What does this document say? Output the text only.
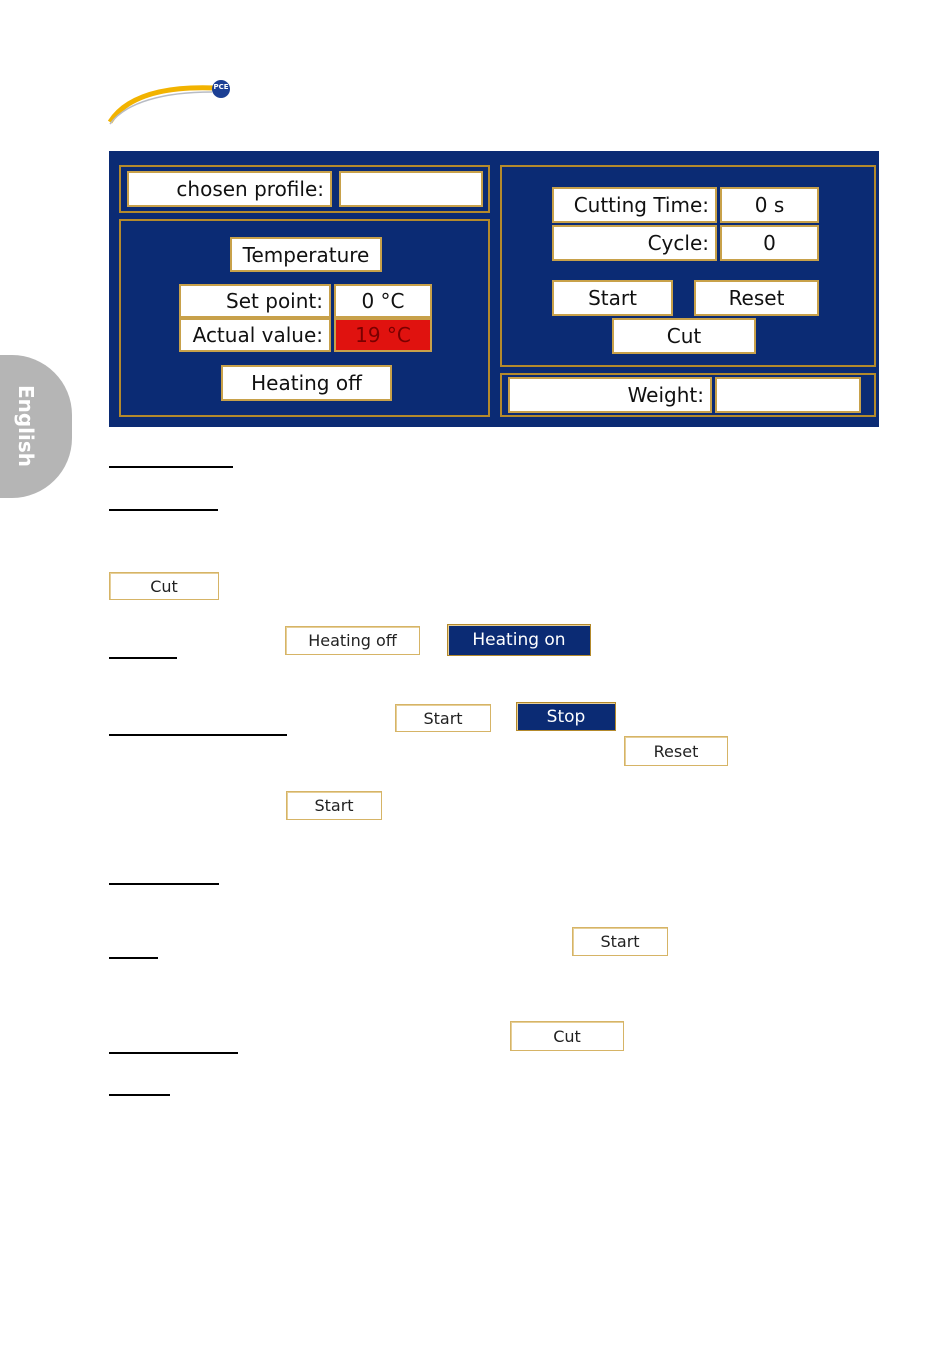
PCE
English
chosen profile:
Temperature
Set point:	0 °C
Actual value:	19 °C
Heating off
Cutting Time:	0 s
Cycle:	0
Start	Reset
Cut
Weight:
Cut
Heating off	Heating on
Start	Stop
Reset
Start
Start
Cut
